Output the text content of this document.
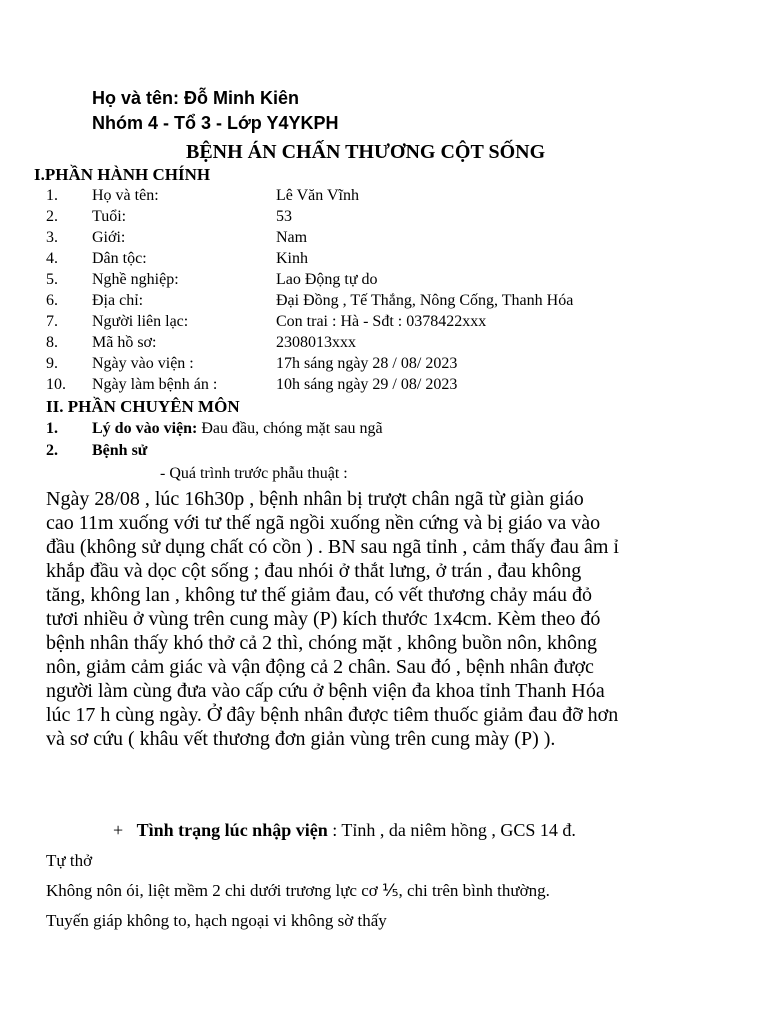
Họ và tên: Đỗ Minh Kiên
Nhóm 4 - Tổ 3 - Lớp Y4YKPH
BỆNH ÁN CHẤN THƯƠNG CỘT SỐNG
I.PHẦN HÀNH CHÍNH
1. Họ và tên:	Lê Văn Vĩnh
2. Tuổi:	53
3. Giới:	Nam
4. Dân tộc:	Kinh
5. Nghề nghiệp:	Lao Động tự do
6. Địa chỉ:	Đại Đồng , Tế Thắng, Nông Cống, Thanh Hóa
7. Người liên lạc:	Con trai : Hà - Sđt : 0378422xxx
8. Mã hồ sơ:	2308013xxx
9. Ngày vào viện :	17h sáng ngày 28 / 08/ 2023
10. Ngày làm bệnh án :	10h sáng ngày 29 / 08/ 2023
II. PHẦN CHUYÊN MÔN
1. Lý do vào viện: Đau đầu, chóng mặt sau ngã
2. Bệnh sử
- Quá trình trước phẫu thuật :
Ngày 28/08 , lúc 16h30p , bệnh nhân bị trượt chân ngã từ giàn giáo
cao 11m xuống với tư thế ngã ngồi xuống nền cứng và bị giáo va vào
đầu (không sử dụng chất có cồn ) . BN sau ngã tỉnh , cảm thấy đau âm ỉ
khắp đầu và dọc cột sống ; đau nhói ở thắt lưng, ở trán , đau không
tăng, không lan , không tư thế giảm đau, có vết thương chảy máu đỏ
tươi nhiều ở vùng trên cung mày (P) kích thước 1x4cm. Kèm theo đó
bệnh nhân thấy khó thở cả 2 thì, chóng mặt , không buồn nôn, không
nôn, giảm cảm giác và vận động cả 2 chân. Sau đó , bệnh nhân được
người làm cùng đưa vào cấp cứu ở bệnh viện đa khoa tỉnh Thanh Hóa
lúc 17 h cùng ngày. Ở đây bệnh nhân được tiêm thuốc giảm đau đỡ hơn
và sơ cứu ( khâu vết thương đơn giản vùng trên cung mày (P) ).
+ Tình trạng lúc nhập viện : Tỉnh , da niêm hồng , GCS 14 đ.
Tự thở
Không nôn ói, liệt mềm 2 chi dưới trương lực cơ ⅕, chi trên bình thường.
Tuyến giáp không to, hạch ngoại vi không sờ thấy
